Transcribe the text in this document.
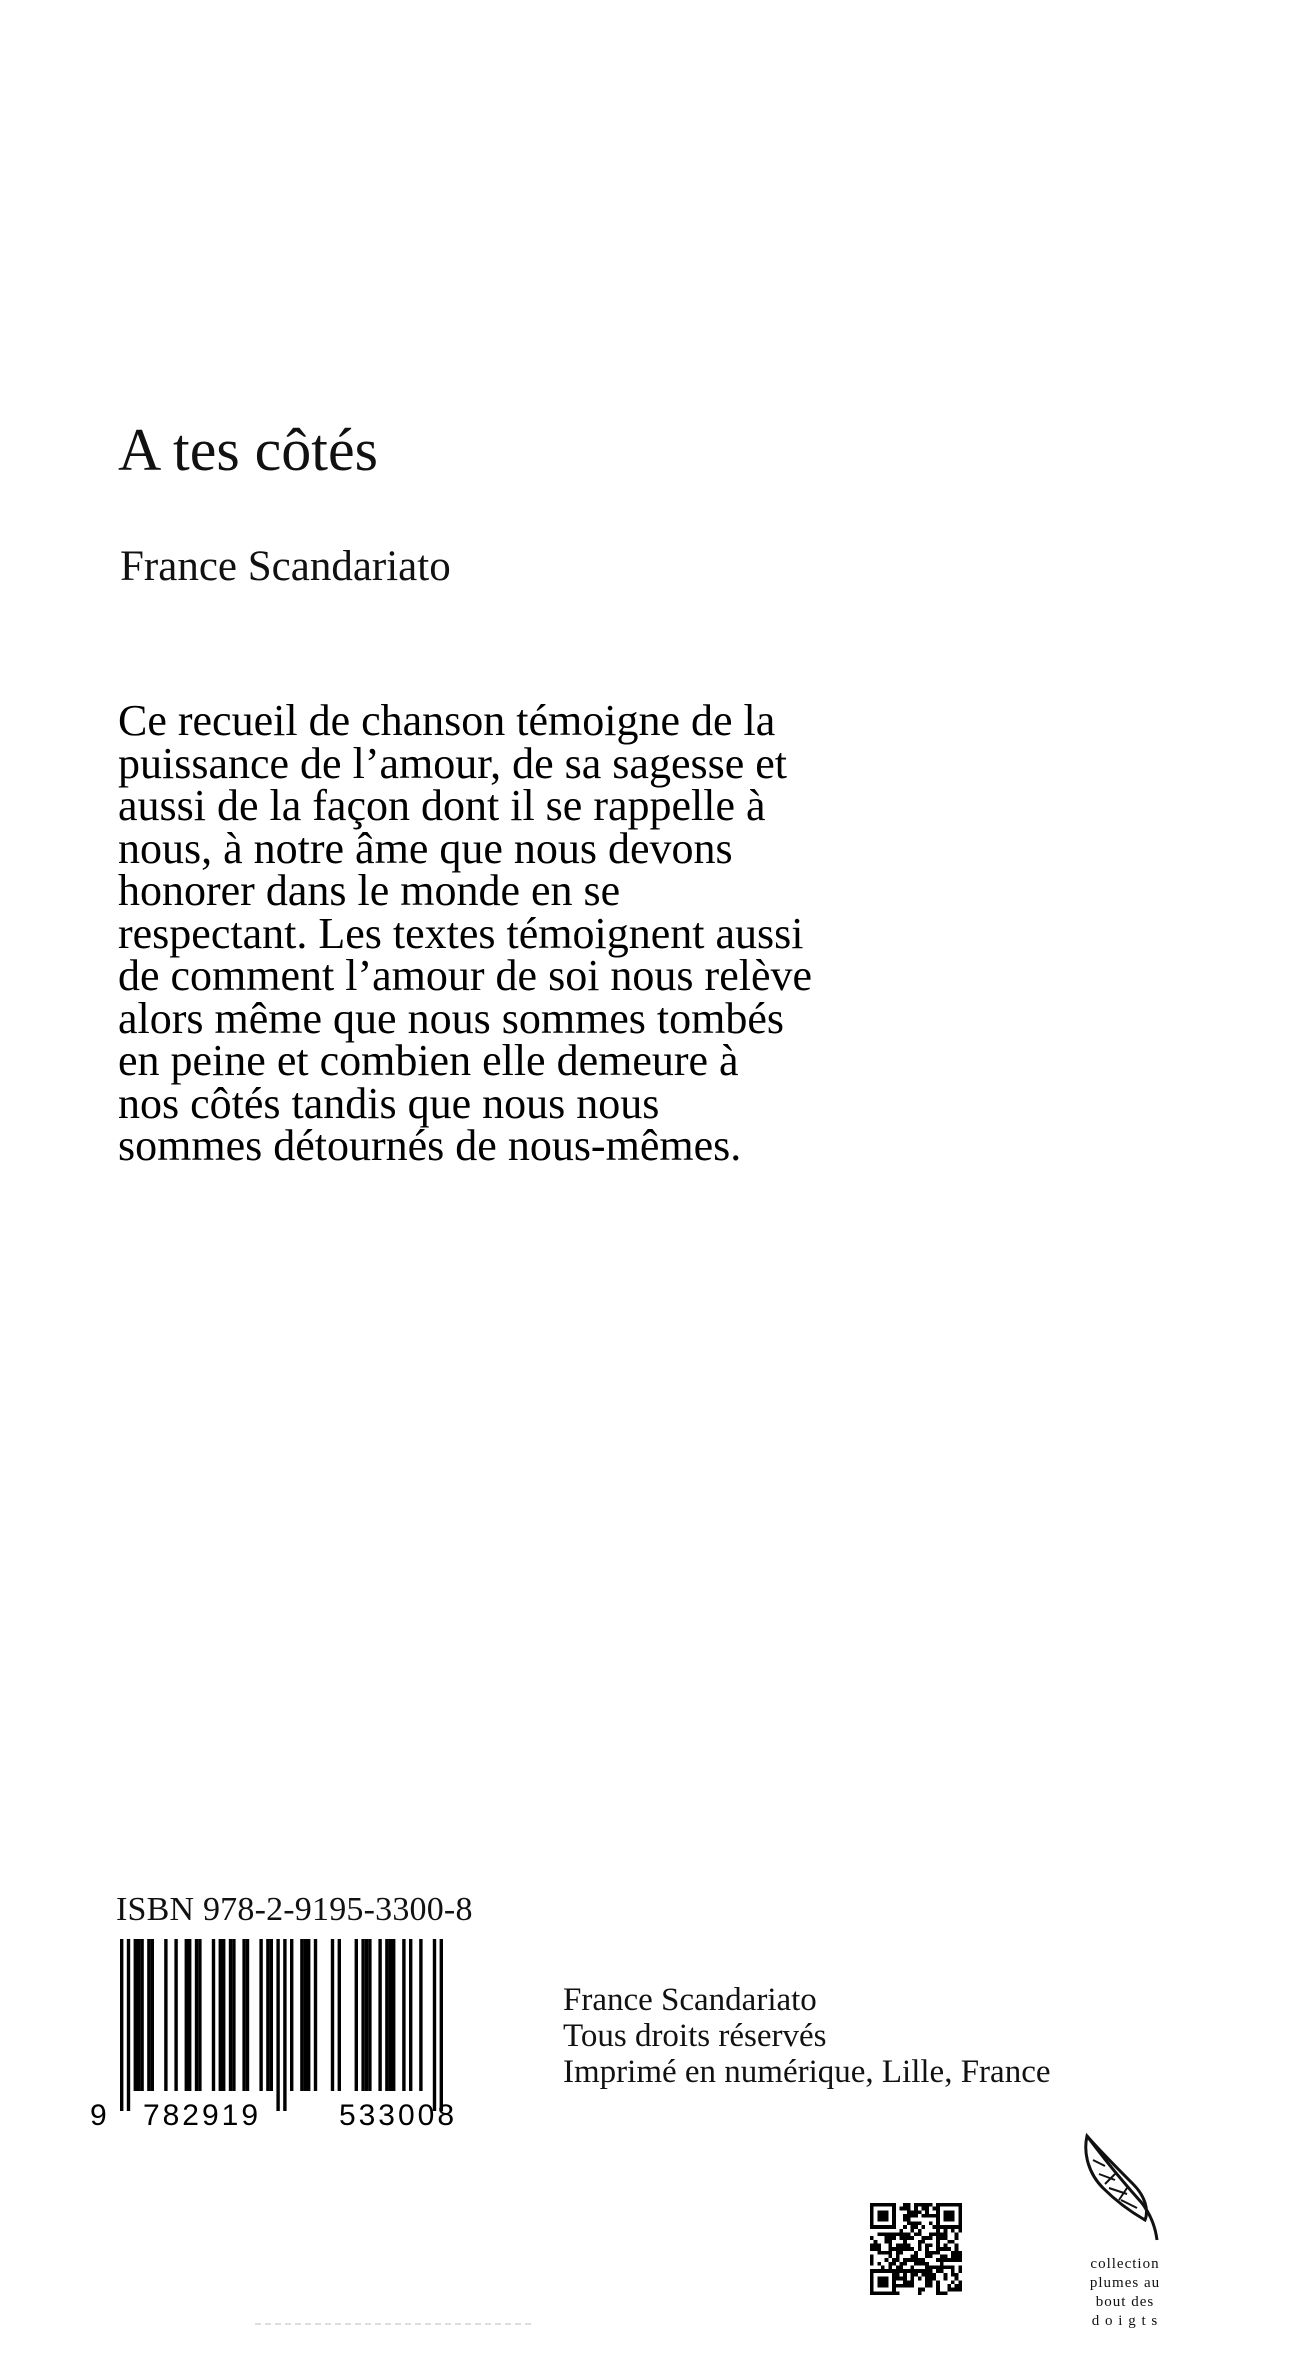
A tes côtés
France Scandariato

Ce recueil de chanson témoigne de la
puissance de l’amour, de sa sagesse et
aussi de la façon dont il se rappelle à
nous, à notre âme que nous devons
honorer dans le monde en se
respectant. Les textes témoignent aussi
de comment l’amour de soi nous relève
alors même que nous sommes tombés
en peine et combien elle demeure à
nos côtés tandis que nous nous
sommes détournés de nous-mêmes.

ISBN 978-2-9195-3300-8
9 782919	533008
France Scandariato
Tous droits réservés
Imprimé en numérique, Lille, France
collection
plumes au
bout des
d o i g t s
